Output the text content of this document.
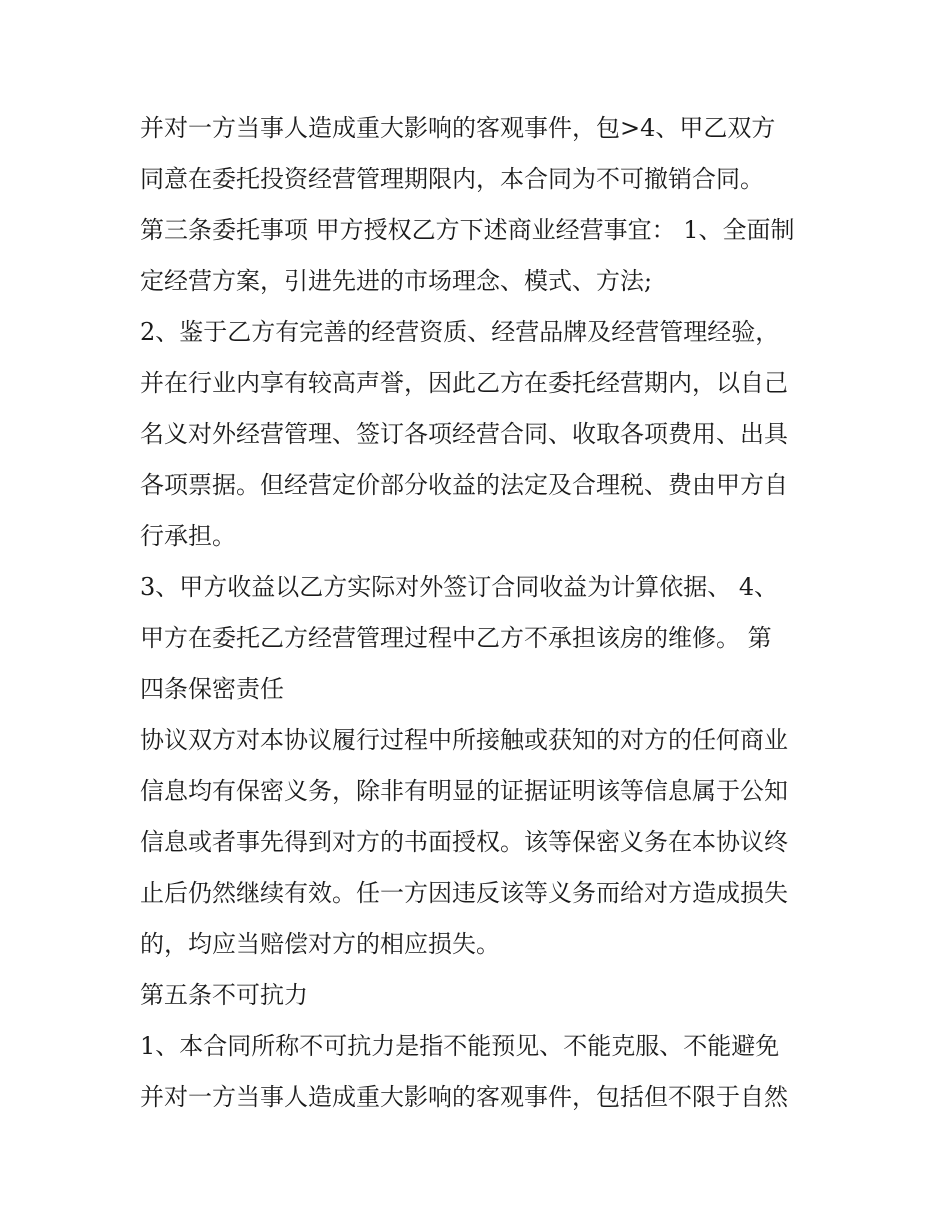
并对一方当事人造成重大影响的客观事件，包>4、甲乙双方
同意在委托投资经营管理期限内，本合同为不可撤销合同。
第三条委托事项 甲方授权乙方下述商业经营事宜： 1、全面制
定经营方案，引进先进的市场理念、模式、方法;
2、鉴于乙方有完善的经营资质、经营品牌及经营管理经验，
并在行业内享有较高声誉，因此乙方在委托经营期内，以自己
名义对外经营管理、签订各项经营合同、收取各项费用、出具
各项票据。但经营定价部分收益的法定及合理税、费由甲方自
行承担。
3、甲方收益以乙方实际对外签订合同收益为计算依据、 4、
甲方在委托乙方经营管理过程中乙方不承担该房的维修。 第
四条保密责任
协议双方对本协议履行过程中所接触或获知的对方的任何商业
信息均有保密义务，除非有明显的证据证明该等信息属于公知
信息或者事先得到对方的书面授权。该等保密义务在本协议终
止后仍然继续有效。任一方因违反该等义务而给对方造成损失
的，均应当赔偿对方的相应损失。
第五条不可抗力
1、本合同所称不可抗力是指不能预见、不能克服、不能避免
并对一方当事人造成重大影响的客观事件，包括但不限于自然
